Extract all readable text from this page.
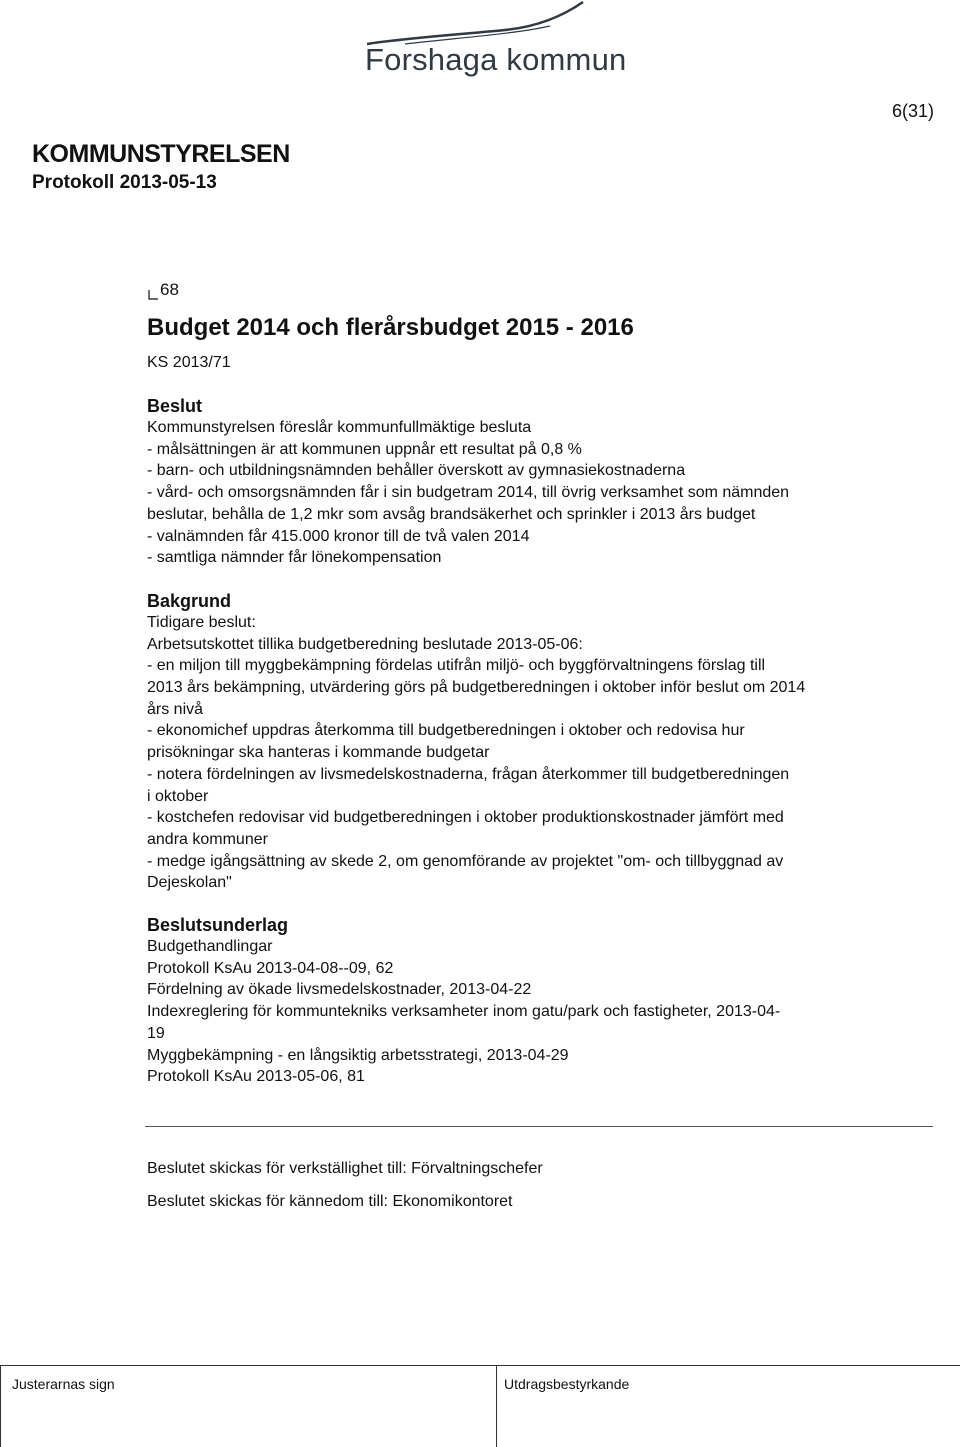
Forshaga kommun
6(31)
KOMMUNSTYRELSEN
Protokoll 2013-05-13
68
Budget 2014 och flerårsbudget 2015 - 2016
KS 2013/71
Beslut
Kommunstyrelsen föreslår kommunfullmäktige besluta
- målsättningen är att kommunen uppnår ett resultat på 0,8 %
- barn- och utbildningsnämnden behåller överskott av gymnasiekostnaderna
- vård- och omsorgsnämnden får i sin budgetram 2014, till övrig verksamhet som nämnden
beslutar, behålla de 1,2 mkr som avsåg brandsäkerhet och sprinkler i 2013 års budget
- valnämnden får 415.000 kronor till de två valen 2014
- samtliga nämnder får lönekompensation
Bakgrund
Tidigare beslut:
Arbetsutskottet tillika budgetberedning beslutade 2013-05-06:
- en miljon till myggbekämpning fördelas utifrån miljö- och byggförvaltningens förslag till
2013 års bekämpning, utvärdering görs på budgetberedningen i oktober inför beslut om 2014
års nivå
- ekonomichef uppdras återkomma till budgetberedningen i oktober och redovisa hur
prisökningar ska hanteras i kommande budgetar
- notera fördelningen av livsmedelskostnaderna, frågan återkommer till budgetberedningen
i oktober
- kostchefen redovisar vid budgetberedningen i oktober produktionskostnader jämfört med
andra kommuner
- medge igångsättning av skede 2, om genomförande av projektet "om- och tillbyggnad av
Dejeskolan"
Beslutsunderlag
Budgethandlingar
Protokoll KsAu 2013-04-08--09, 62
Fördelning av ökade livsmedelskostnader, 2013-04-22
Indexreglering för kommuntekniks verksamheter inom gatu/park och fastigheter, 2013-04-
19
Myggbekämpning - en långsiktig arbetsstrategi, 2013-04-29
Protokoll KsAu 2013-05-06, 81
Beslutet skickas för verkställighet till: Förvaltningschefer
Beslutet skickas för kännedom till: Ekonomikontoret
Justerarnas sign	Utdragsbestyrkande
